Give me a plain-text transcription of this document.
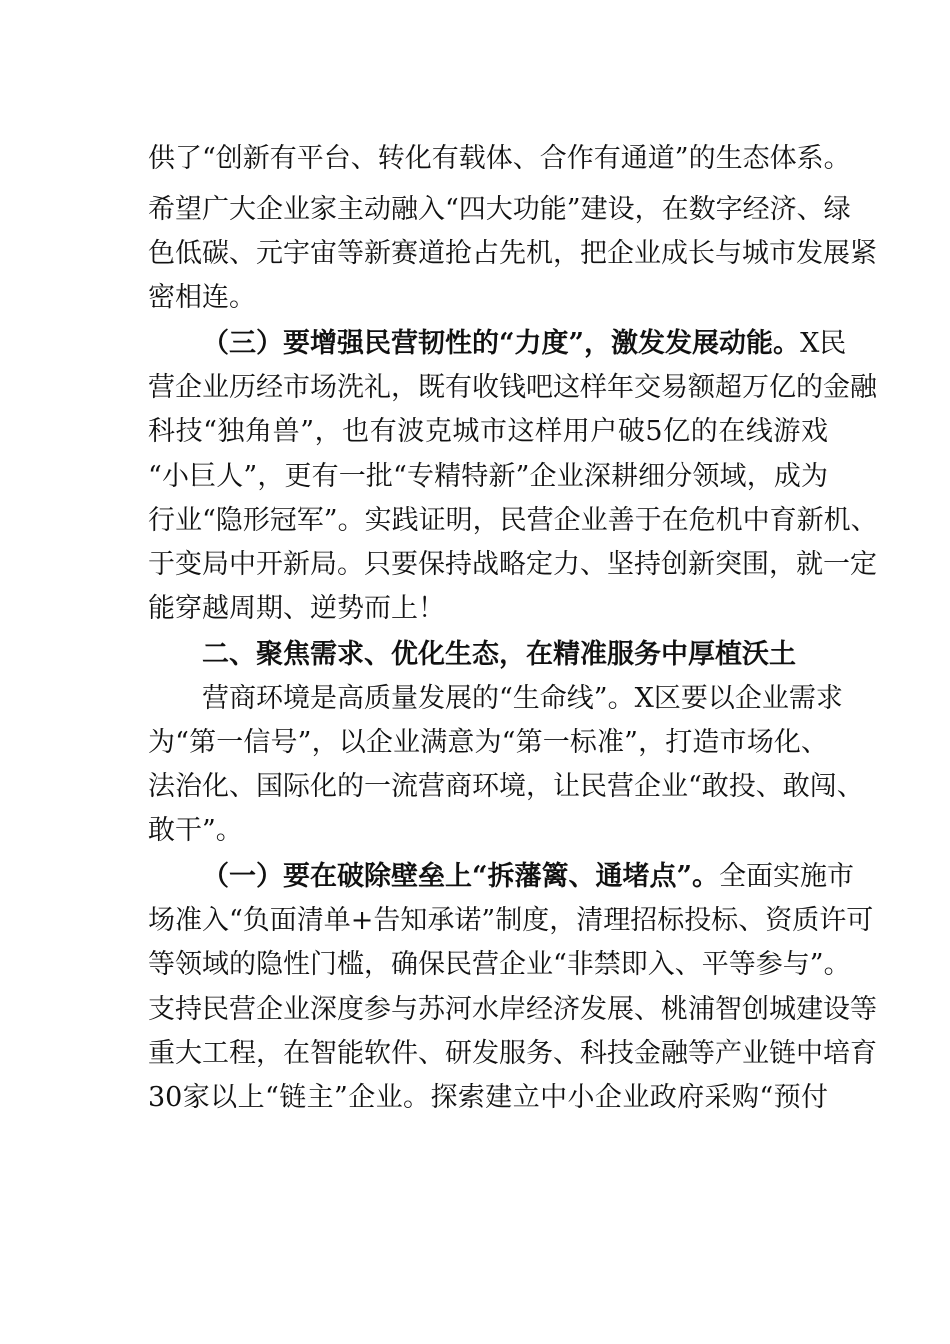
供了“创新有平台、转化有载体、合作有通道”的生态体系。
希望广大企业家主动融入“四大功能”建设，在数字经济、绿
色低碳、元宇宙等新赛道抢占先机，把企业成长与城市发展紧
密相连。
（三）要增强民营韧性的“力度”，激发发展动能。X民
营企业历经市场洗礼，既有收钱吧这样年交易额超万亿的金融
科技“独角兽”，也有波克城市这样用户破5亿的在线游戏
“小巨人”，更有一批“专精特新”企业深耕细分领域，成为
行业“隐形冠军”。实践证明，民营企业善于在危机中育新机、
于变局中开新局。只要保持战略定力、坚持创新突围，就一定
能穿越周期、逆势而上！
二、聚焦需求、优化生态，在精准服务中厚植沃土
营商环境是高质量发展的“生命线”。X区要以企业需求
为“第一信号”，以企业满意为“第一标准”，打造市场化、
法治化、国际化的一流营商环境，让民营企业“敢投、敢闯、
敢干”。
（一）要在破除壁垒上“拆藩篱、通堵点”。全面实施市
场准入“负面清单+告知承诺”制度，清理招标投标、资质许可
等领域的隐性门槛，确保民营企业“非禁即入、平等参与”。
支持民营企业深度参与苏河水岸经济发展、桃浦智创城建设等
重大工程，在智能软件、研发服务、科技金融等产业链中培育
30家以上“链主”企业。探索建立中小企业政府采购“预付
